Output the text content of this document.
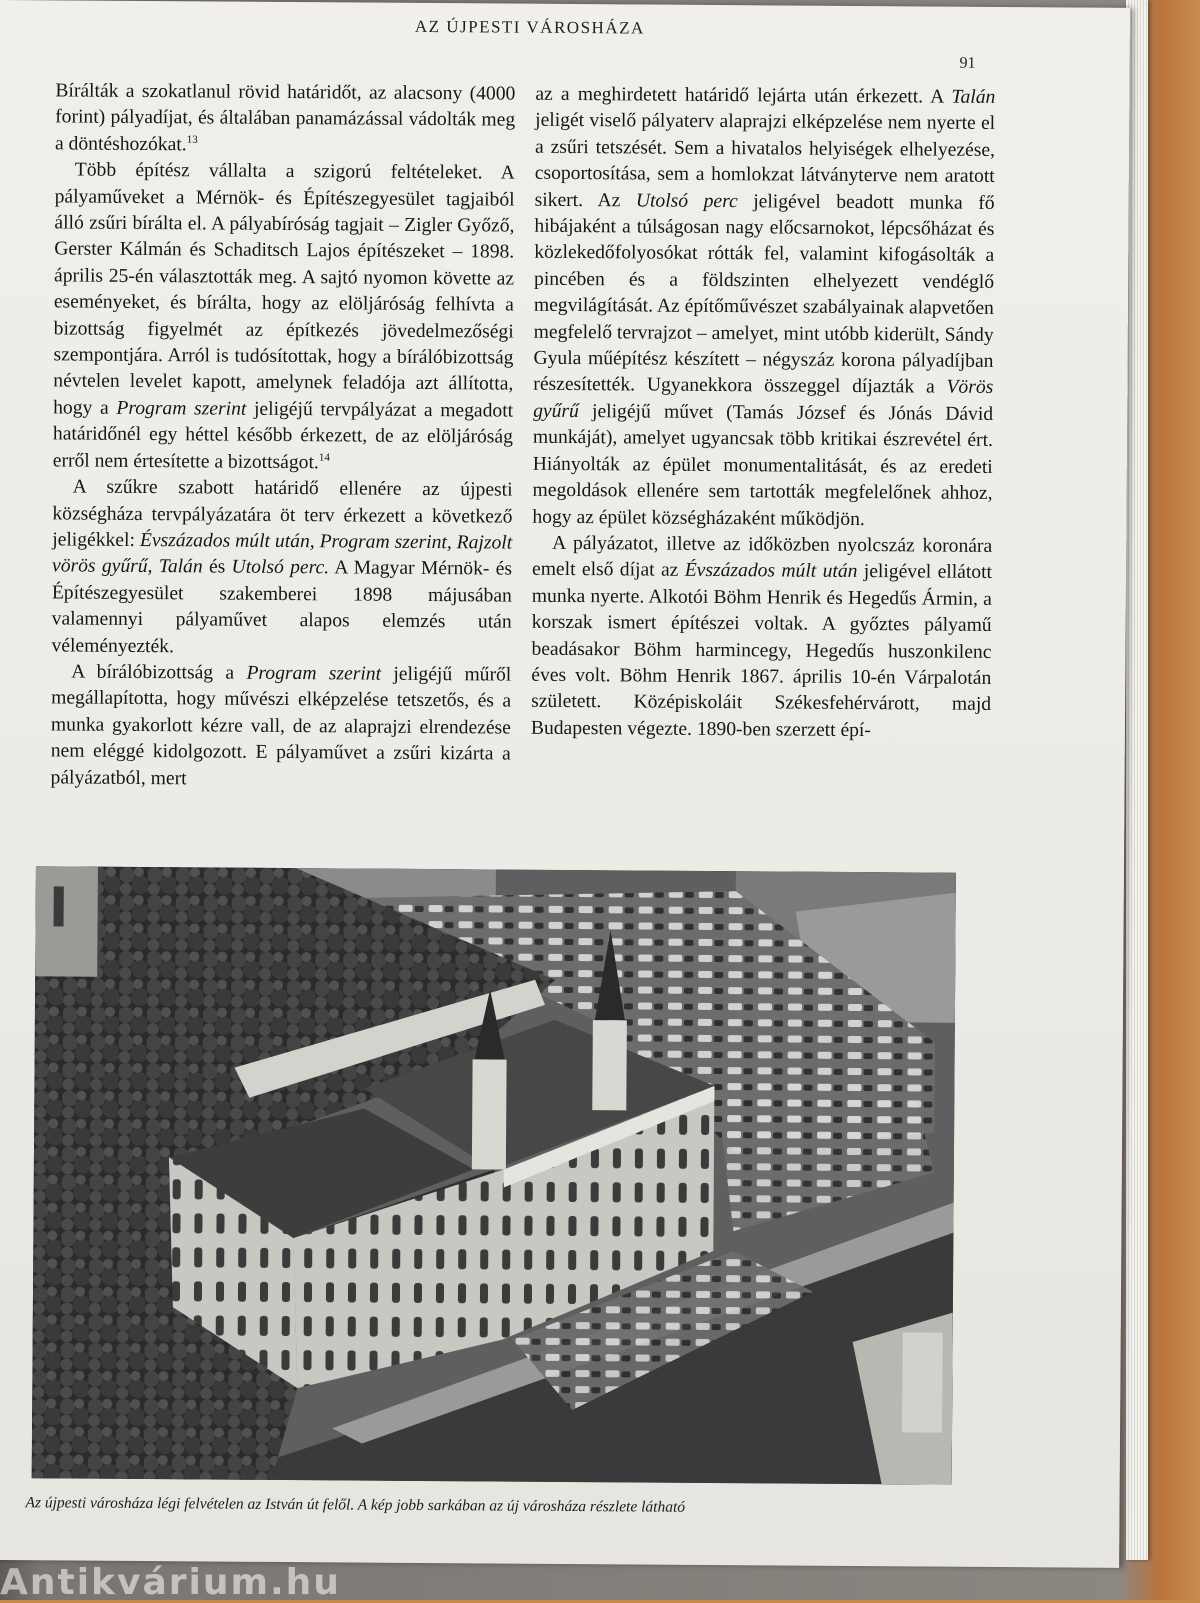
AZ ÚJPESTI VÁROSHÁZA
91

Bírálták a szokatlanul rövid határidőt, az alacsony (4000 forint) pályadíjat, és általában panamázással vádolták meg a döntéshozókat.$^{13}$

Több építész vállalta a szigorú feltételeket. A pályaműveket a Mérnök- és Építészegyesület tagjaiból álló zsűri bírálta el. A pályabíróság tagjait – Zigler Győző, Gerster Kálmán és Schaditsch Lajos építészeket – 1898. április 25-én választották meg. A sajtó nyomon követte az eseményeket, és bírálta, hogy az elöljáróság felhívta a bizottság figyelmét az építkezés jövedelmezőségi szempontjára. Arról is tudósítottak, hogy a bírálóbizottság névtelen levelet kapott, amelynek feladója azt állította, hogy a Program szerint jeligéjű tervpályázat a megadott határidőnél egy héttel később érkezett, de az elöljáróság erről nem értesítette a bizottságot.$^{14}$

A szűkre szabott határidő ellenére az újpesti községháza tervpályázatára öt terv érkezett a következő jeligékkel: Évszázados múlt után, Program szerint, Rajzolt vörös gyűrű, Talán és Utolsó perc. A Magyar Mérnök- és Építészegyesület szakemberei 1898 májusában valamennyi pályaművet alapos elemzés után véleményezték.

A bírálóbizottság a Program szerint jeligéjű műről megállapította, hogy művészi elképzelése tetszetős, és a munka gyakorlott kézre vall, de az alaprajzi elrendezése nem eléggé kidolgozott. E pályaművet a zsűri kizárta a pályázatból, mert

az a meghirdetett határidő lejárta után érkezett. A Talán jeligét viselő pályaterv alaprajzi elképzelése nem nyerte el a zsűri tetszését. Sem a hivatalos helyiségek elhelyezése, csoportosítása, sem a homlokzat látványterve nem aratott sikert. Az Utolsó perc jeligével beadott munka fő hibájaként a túlságosan nagy előcsarnokot, lépcsőházat és közlekedőfolyosókat rótták fel, valamint kifogásolták a pincében és a földszinten elhelyezett vendéglő megvilágítását. Az építőművészet szabályainak alapvetően megfelelő tervrajzot – amelyet, mint utóbb kiderült, Sándy Gyula műépítész készített – négyszáz korona pályadíjban részesítették. Ugyanekkora összeggel díjazták a Vörös gyűrű jeligéjű művet (Tamás József és Jónás Dávid munkáját), amelyet ugyancsak több kritikai észrevétel ért. Hiányolták az épület monumentalitását, és az eredeti megoldások ellenére sem tartották megfelelőnek ahhoz, hogy az épület községházaként működjön.

A pályázatot, illetve az időközben nyolcszáz koronára emelt első díjat az Évszázados múlt után jeligével ellátott munka nyerte. Alkotói Böhm Henrik és Hegedűs Ármin, a korszak ismert építészei voltak. A győztes pályamű beadásakor Böhm harmincegy, Hegedűs huszonkilenc éves volt. Böhm Henrik 1867. április 10-én Várpalotán született. Középiskoláit Székesfehérvárott, majd Budapesten végezte. 1890-ben szerzett épí-

Az újpesti városháza légi felvételen az István út felől. A kép jobb sarkában az új városháza részlete látható
Antikvárium.hu
